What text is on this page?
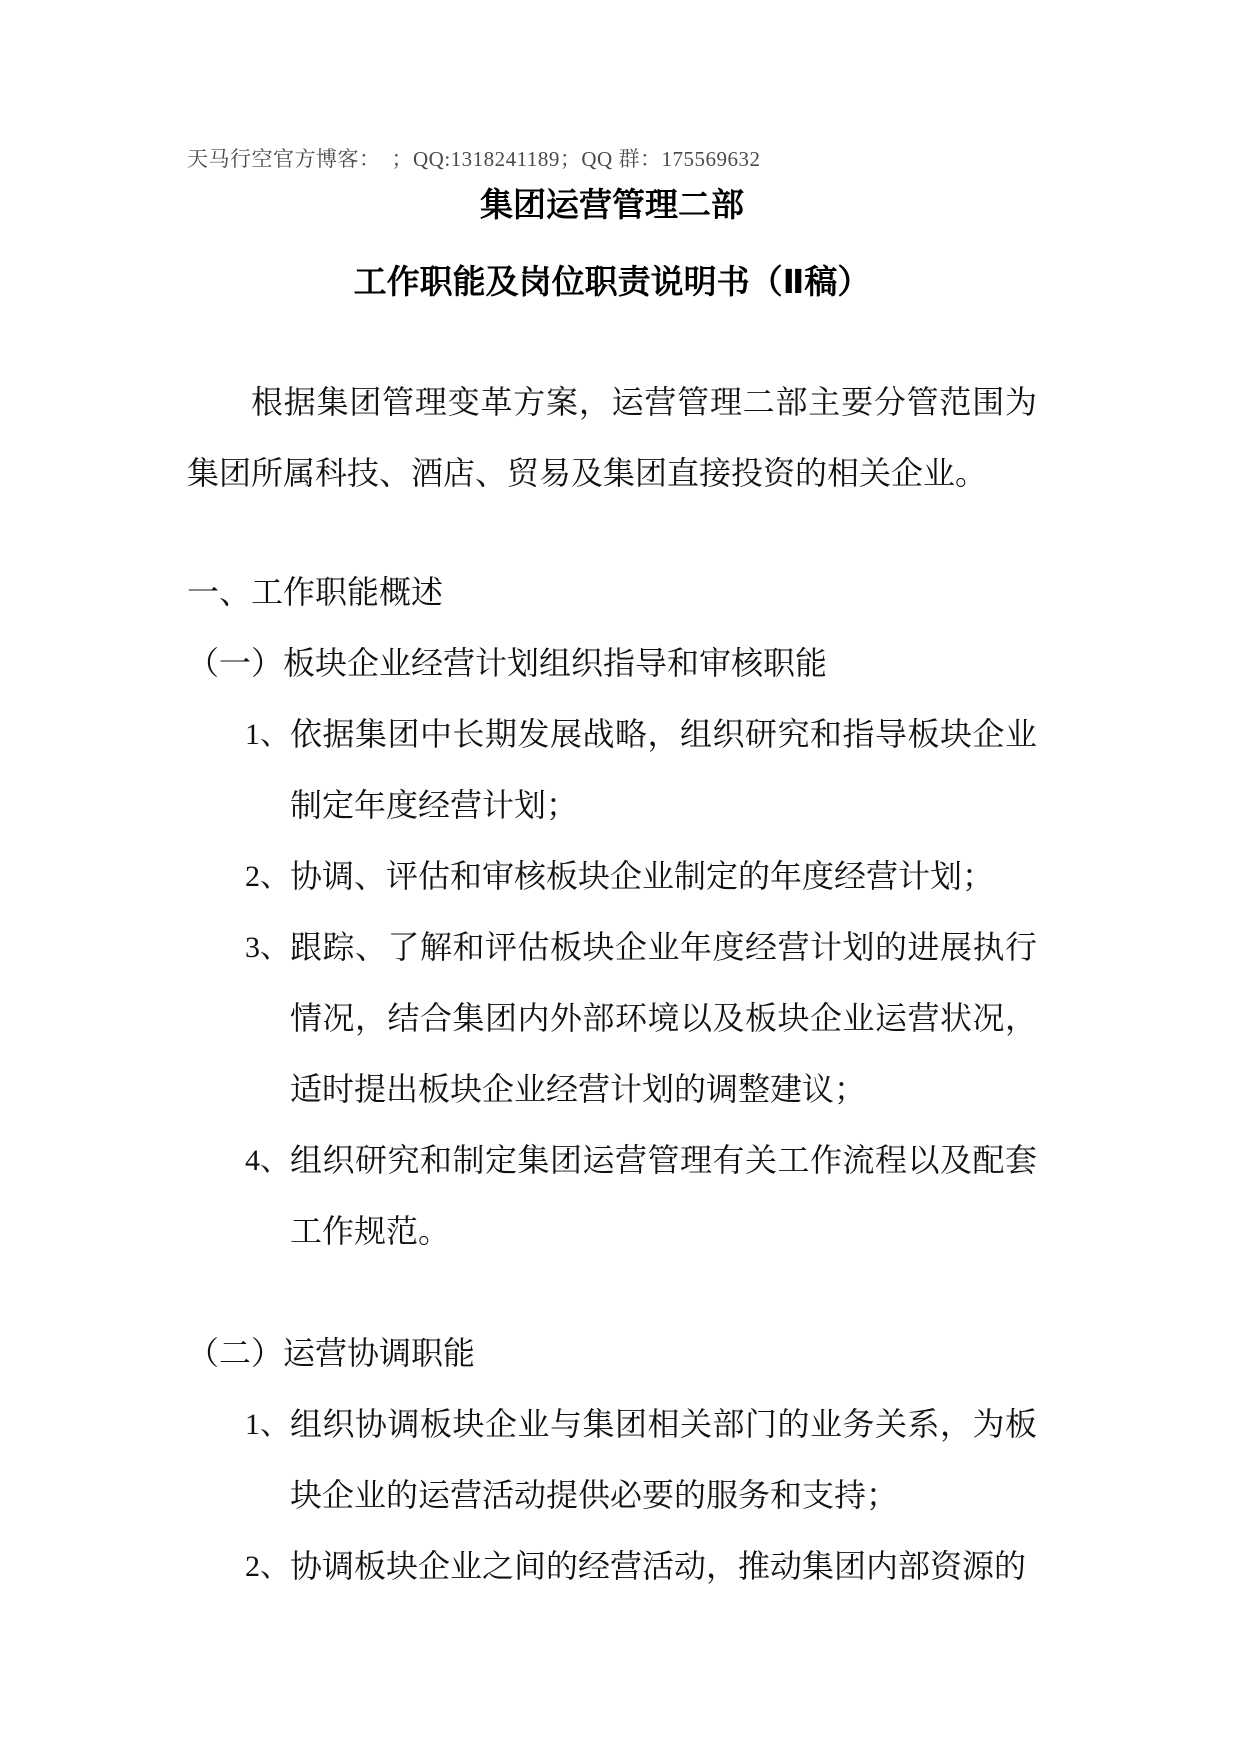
天马行空官方博客：　；QQ:1318241189；QQ 群：175569632

集团运营管理二部

工作职能及岗位职责说明书（Ⅱ稿）

根据集团管理变革方案，运营管理二部主要分管范围为集团所属科技、酒店、贸易及集团直接投资的相关企业。

一、工作职能概述

（一）板块企业经营计划组织指导和审核职能

1、 依据集团中长期发展战略，组织研究和指导板块企业制定年度经营计划；
2、 协调、评估和审核板块企业制定的年度经营计划；
3、 跟踪、了解和评估板块企业年度经营计划的进展执行情况，结合集团内外部环境以及板块企业运营状况，适时提出板块企业经营计划的调整建议；
4、 组织研究和制定集团运营管理有关工作流程以及配套工作规范。

（二）运营协调职能

1、 组织协调板块企业与集团相关部门的业务关系，为板块企业的运营活动提供必要的服务和支持；
2、 协调板块企业之间的经营活动，推动集团内部资源的
